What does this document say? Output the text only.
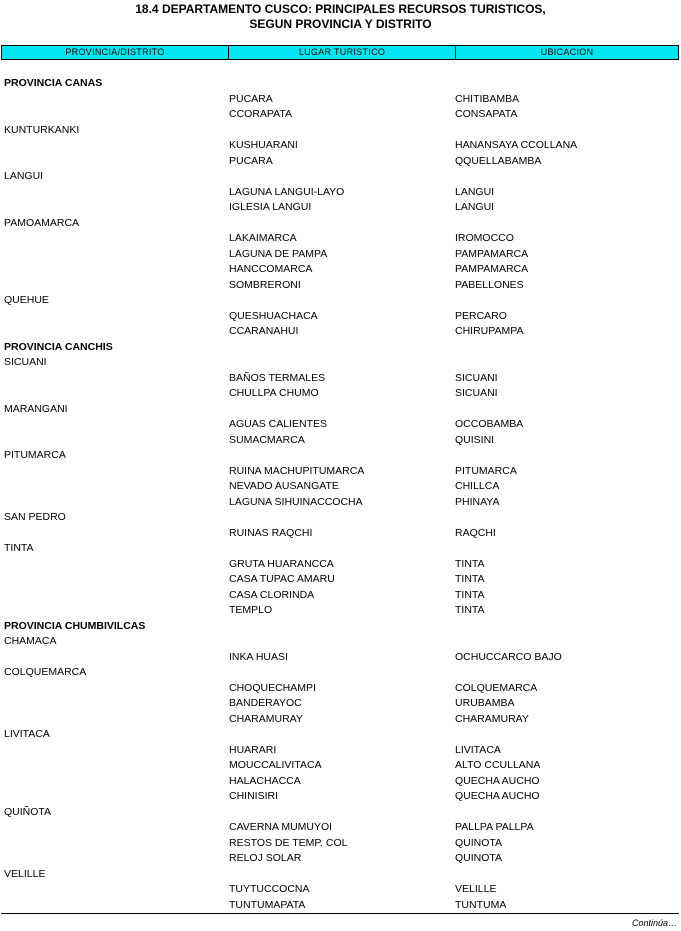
18.4 DEPARTAMENTO CUSCO: PRINCIPALES RECURSOS TURISTICOS,
SEGUN PROVINCIA Y DISTRITO
PROVINCIA/DISTRITO	LUGAR TURISTICO	UBICACION
PROVINCIA CANAS
PUCARA	CHITIBAMBA
CCORAPATA	CONSAPATA
KUNTURKANKI
KUSHUARANI	HANANSAYA CCOLLANA
PUCARA	QQUELLABAMBA
LANGUI
LAGUNA LANGUI-LAYO	LANGUI
IGLESIA LANGUI	LANGUI
PAMOAMARCA
LAKAIMARCA	IROMOCCO
LAGUNA DE PAMPA	PAMPAMARCA
HANCCOMARCA	PAMPAMARCA
SOMBRERONI	PABELLONES
QUEHUE
QUESHUACHACA	PERCARO
CCARANAHUI	CHIRUPAMPA
PROVINCIA CANCHIS
SICUANI
BAÑOS TERMALES	SICUANI
CHULLPA CHUMO	SICUANI
MARANGANI
AGUAS CALIENTES	OCCOBAMBA
SUMACMARCA	QUISINI
PITUMARCA
RUINA MACHUPITUMARCA	PITUMARCA
NEVADO AUSANGATE	CHILLCA
LAGUNA SIHUINACCOCHA	PHINAYA
SAN PEDRO
RUINAS RAQCHI	RAQCHI
TINTA
GRUTA HUARANCCA	TINTA
CASA TUPAC AMARU	TINTA
CASA CLORINDA	TINTA
TEMPLO	TINTA
PROVINCIA CHUMBIVILCAS
CHAMACA
INKA HUASI	OCHUCCARCO BAJO
COLQUEMARCA
CHOQUECHAMPI	COLQUEMARCA
BANDERAYOC	URUBAMBA
CHARAMURAY	CHARAMURAY
LIVITACA
HUARARI	LIVITACA
MOUCCALIVITACA	ALTO CCULLANA
HALACHACCA	QUECHA AUCHO
CHINISIRI	QUECHA AUCHO
QUIÑOTA
CAVERNA MUMUYOI	PALLPA PALLPA
RESTOS DE TEMP. COL	QUINOTA
RELOJ SOLAR	QUINOTA
VELILLE
TUYTUCCOCNA	VELILLE
TUNTUMAPATA	TUNTUMA
Continúa…
